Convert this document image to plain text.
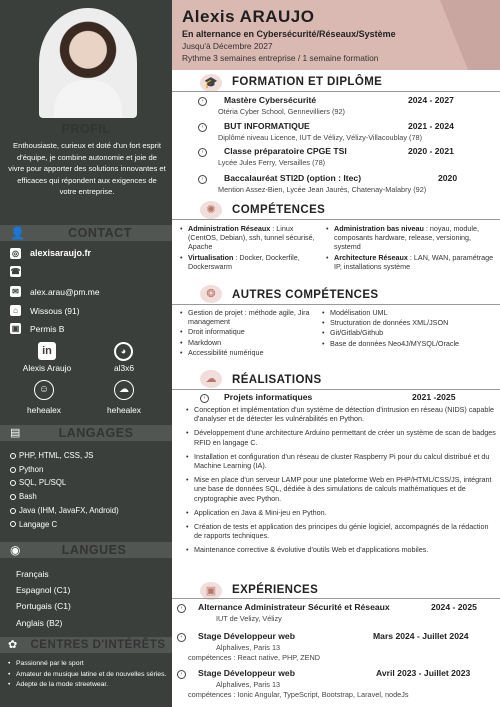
PROFIL
Enthousiaste, curieux et doté d'un fort esprit d'équipe, je combine autonomie et joie de vivre pour apporter des solutions innovantes et efficaces qui répondent aux exigences de votre entreprise.
👤	CONTACT
◎ alexisaraujo.fr
☎
✉ alex.arau@pm.me
⌂	Wissous (91)
▣ Permis B
in
Alexis Araujo
◕
al3x6
☺
hehealex
☁
hehealex
▤	LANGAGES
PHP, HTML, CSS, JS
Python
SQL, PL/SQL
Bash
Java (IHM, JavaFX, Android)
Langage C
◉	LANGUES
Français
Espagnol (C1)
Portugais (C1)
Anglais (B2)
✿	CENTRES D'INTÉRÊTS
• Passionné par le sport
• Amateur de musique latine et de nouvelles séries.
• Adepte de la mode streetwear.
Alexis ARAUJO
En alternance en Cybersécurité/Réseaux/Système
Jusqu'à Décembre 2027
Rythme 3 semaines entreprise / 1 semaine formation
🎓	FORMATION ET DIPLÔME
›	Mastère Cybersécurité	2024 - 2027
Otéria Cyber School, Gennevilliers (92)
›	BUT INFORMATIQUE	2021 - 2024
Diplômé niveau Licence, IUT de Vélizy, Vélizy-Villacoublay (78)
›	Classe préparatoire CPGE TSI	2020 - 2021
Lycée Jules Ferry, Versailles (78)
›	Baccalauréat STI2D (option : Itec)	2020
Mention Assez-Bien, Lycée Jean Jaurès, Chatenay-Malabry (92)
✺	COMPÉTENCES
• Administration Réseaux : Linux (CentOS, Debian), ssh, tunnel sécurisé, Apache
• Virtualisation : Docker, Dockerfile, Dockerswarm
• Administration bas niveau : noyau, module, composants hardware, release, versioning, systemd
• Architecture Réseaux : LAN, WAN, paramétrage IP, installations système
❂	AUTRES COMPÉTENCES
• Gestion de projet : méthode agile, Jira management
• Droit informatique
• Markdown
• Accessibilité numérique
• Modélisation UML
• Structuration de données XML/JSON
• Git/Gitlab/Github
• Base de données Neo4J/MYSQL/Oracle
☁	RÉALISATIONS
›	Projets informatiques	2021 -2025
• Conception et implémentation d'un système de détection d'intrusion en réseau (NIDS) capable d'analyser et de détecter les vulnérabilités en Python.
• Développement d'une architecture Arduino permettant de créer un système de scan de badges RFID en langage C.
• Installation et configuration d'un réseau de cluster Raspberry Pi pour du calcul distribué et du Machine Learning (IA).
• Mise en place d'un serveur LAMP pour une plateforme Web en PHP/HTML/CSS/JS, intégrant une base de données SQL, dédiée à des simulations de calculs mathématiques et de cryptographie avec Python.
• Application en Java & Mini-jeu en Python.
• Création de tests et application des principes du génie logiciel, accompagnés de la rédaction de rapports techniques.
• Maintenance corrective & évolutive d'outils Web et d'applications mobiles.
▣	EXPÉRIENCES
›	Alternance Administrateur Sécurité et Réseaux	2024 - 2025
IUT de Velizy, Vélizy
›	Stage Développeur web	Mars 2024 - Juillet 2024
Alphalives, Paris 13
compétences : React native, PHP, ZEND
›	Stage Développeur web	Avril 2023 - Juillet 2023
Alphalives, Paris 13
compétences : Ionic Angular, TypeScript, Bootstrap, Laravel, nodeJs
